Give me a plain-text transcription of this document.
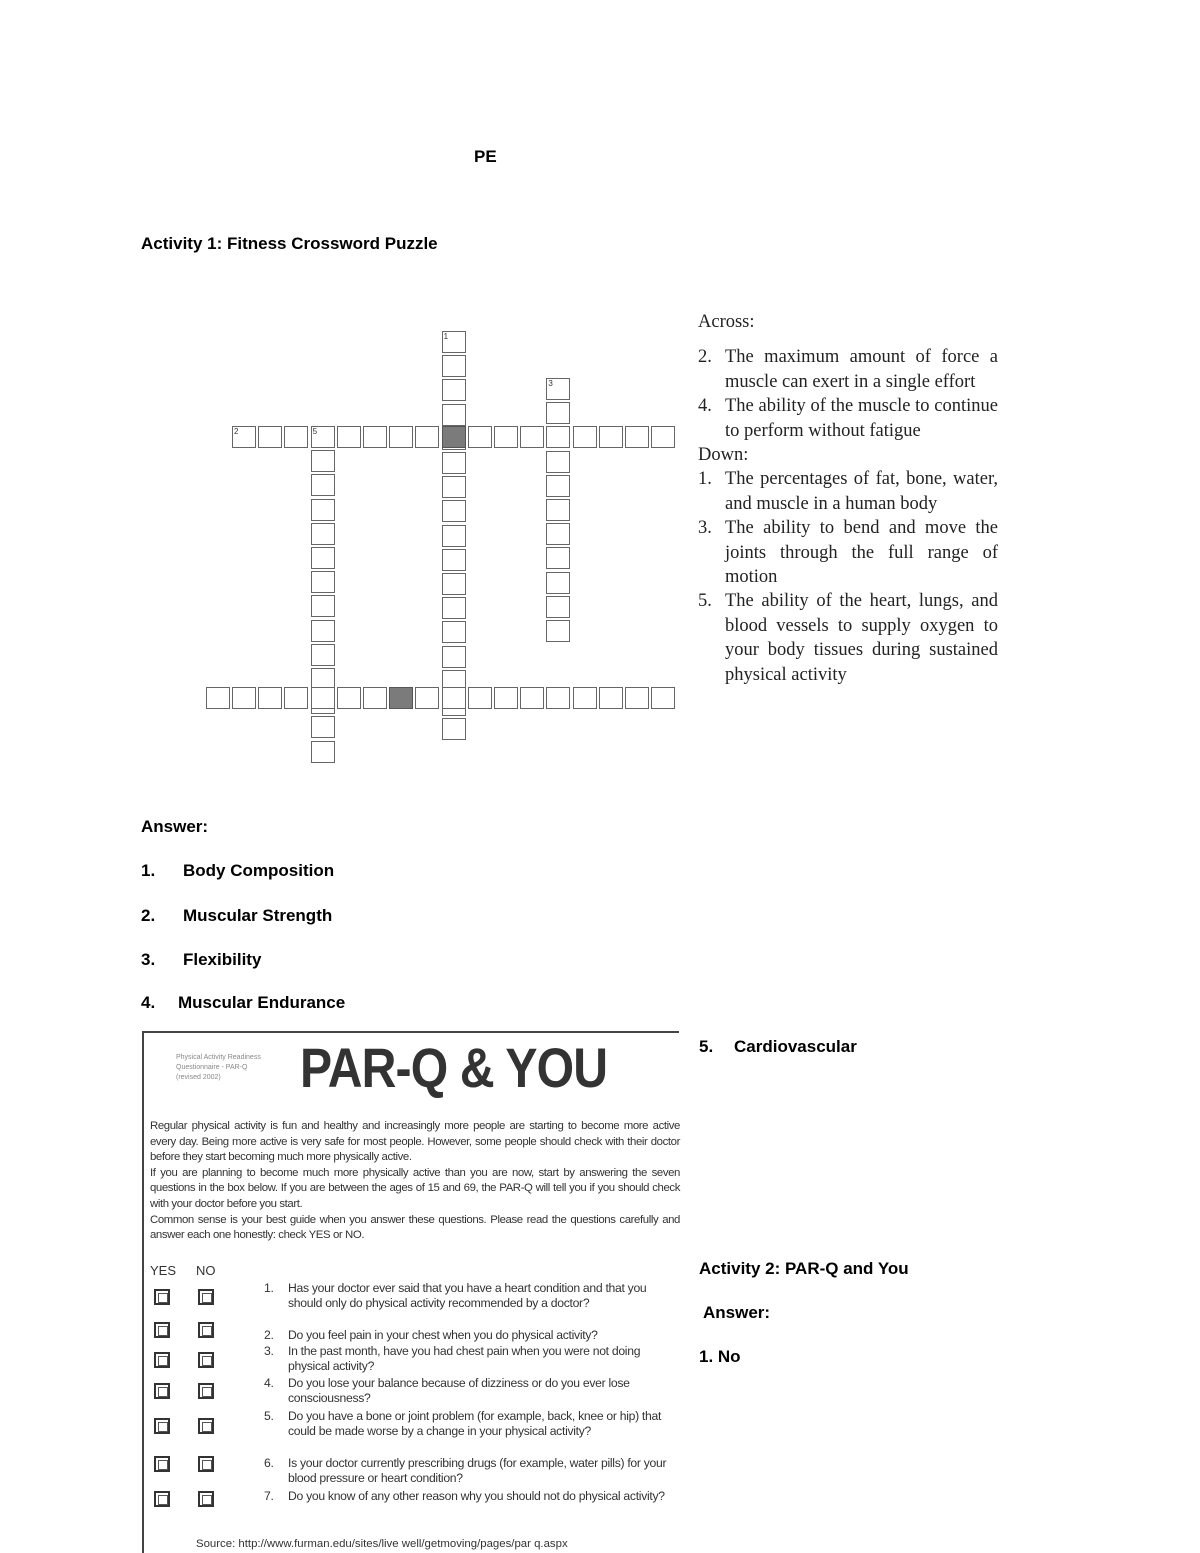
PE
Activity 1: Fitness Crossword Puzzle
1
2
3
5
Across:
2. The maximum amount of force a muscle can exert in a single effort
4. The ability of the muscle to continue to perform without fatigue
Down:
1. The percentages of fat, bone, water, and muscle in a human body
3. The ability to bend and move the joints through the full range of motion
5. The ability of the heart, lungs, and blood vessels to supply oxygen to your body tissues during sustained physical activity
Answer:
1. Body Composition
2. Muscular Strength
3. Flexibility
4. Muscular Endurance
5. Cardiovascular
Physical Activity Readiness
Questionnaire - PAR-Q
(revised 2002)	PAR-Q & YOU
Regular physical activity is fun and healthy and increasingly more people are starting to become more active every day. Being more active is very safe for most people. However, some people should check with their doctor before they start becoming much more physically active.
If you are planning to become much more physically active than you are now, start by answering the seven questions in the box below. If you are between the ages of 15 and 69, the PAR-Q will tell you if you should check with your doctor before you start.
Common sense is your best guide when you answer these questions. Please read the questions carefully and answer each one honestly: check YES or NO.
YES NO
1. Has your doctor ever said that you have a heart condition and that you should only do physical activity recommended by a doctor?
2. Do you feel pain in your chest when you do physical activity?
3. In the past month, have you had chest pain when you were not doing physical activity?
4. Do you lose your balance because of dizziness or do you ever lose consciousness?
5. Do you have a bone or joint problem (for example, back, knee or hip) that could be made worse by a change in your physical activity?
6. Is your doctor currently prescribing drugs (for example, water pills) for your blood pressure or heart condition?
7. Do you know of any other reason why you should not do physical activity?
Source: http://www.furman.edu/sites/live well/getmoving/pages/par q.aspx
Activity 2: PAR-Q and You
Answer:
1. No
